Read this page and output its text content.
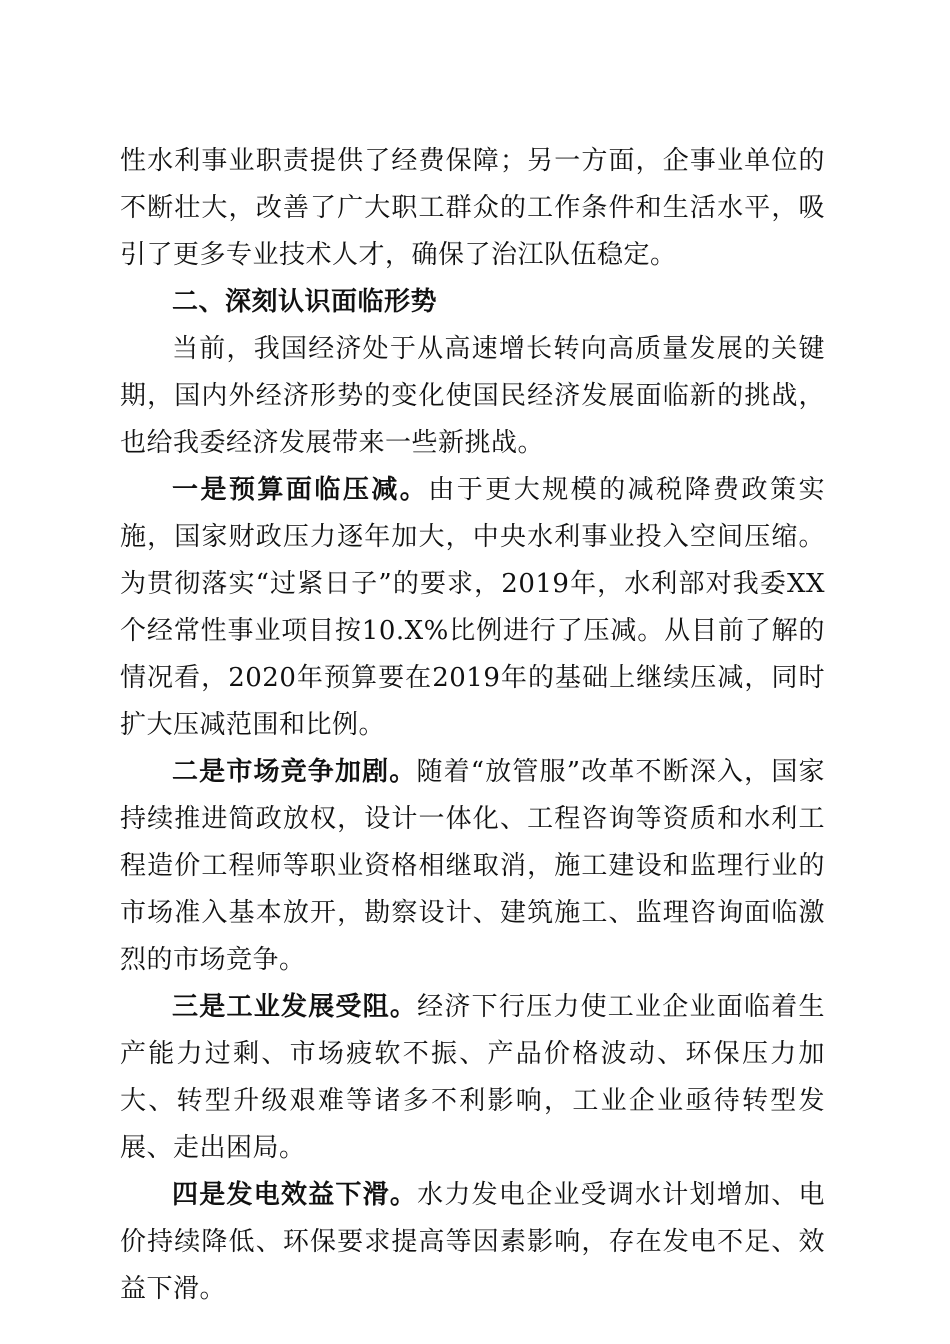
性水利事业职责提供了经费保障；另一方面，企事业单位的不断壮大，改善了广大职工群众的工作条件和生活水平，吸引了更多专业技术人才，确保了治江队伍稳定。

二、深刻认识面临形势

当前，我国经济处于从高速增长转向高质量发展的关键期，国内外经济形势的变化使国民经济发展面临新的挑战，也给我委经济发展带来一些新挑战。

一是预算面临压减。由于更大规模的减税降费政策实施，国家财政压力逐年加大，中央水利事业投入空间压缩。为贯彻落实“过紧日子”的要求，2019年，水利部对我委XX个经常性事业项目按10.X%比例进行了压减。从目前了解的情况看，2020年预算要在2019年的基础上继续压减，同时扩大压减范围和比例。

二是市场竞争加剧。随着“放管服”改革不断深入，国家持续推进简政放权，设计一体化、工程咨询等资质和水利工程造价工程师等职业资格相继取消，施工建设和监理行业的市场准入基本放开，勘察设计、建筑施工、监理咨询面临激烈的市场竞争。

三是工业发展受阻。经济下行压力使工业企业面临着生产能力过剩、市场疲软不振、产品价格波动、环保压力加大、转型升级艰难等诸多不利影响，工业企业亟待转型发展、走出困局。

四是发电效益下滑。水力发电企业受调水计划增加、电价持续降低、环保要求提高等因素影响，存在发电不足、效益下滑。
